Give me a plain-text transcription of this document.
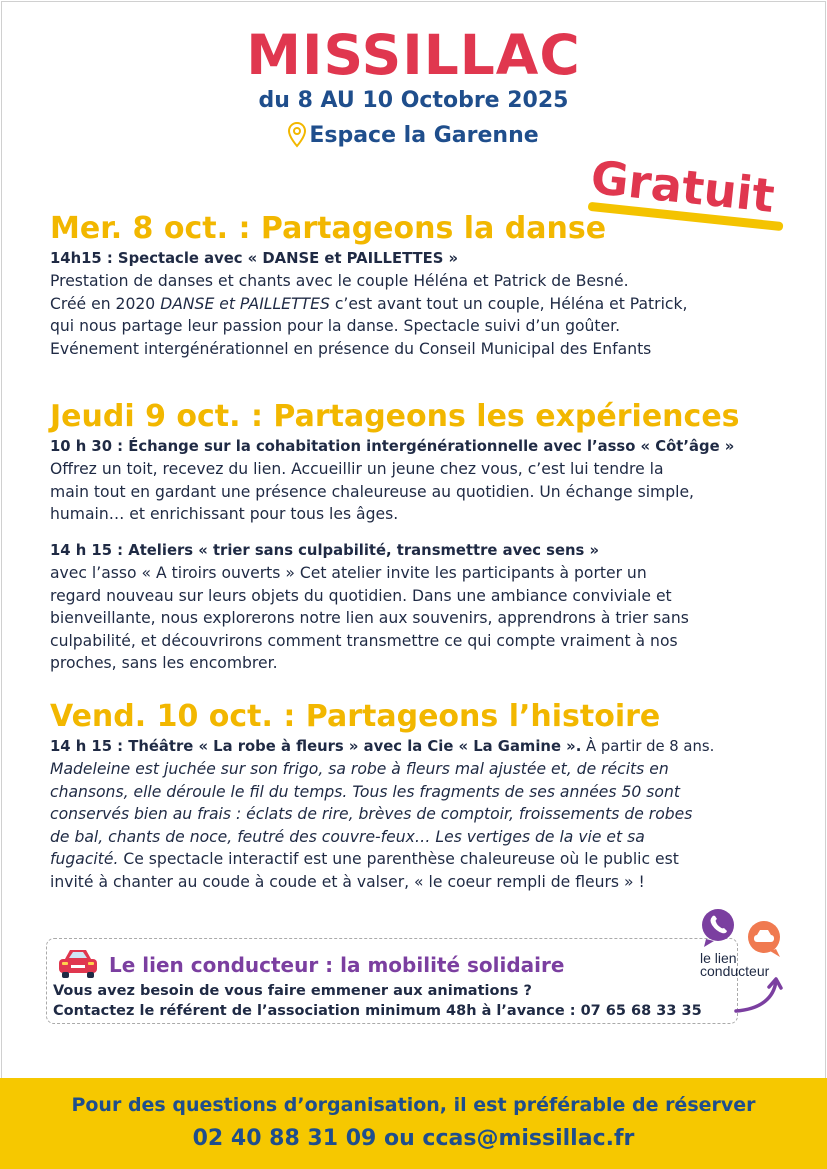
MISSILLAC
du 8 AU 10 Octobre 2025
Espace la Garenne
Gratuit
Mer. 8 oct. : Partageons la danse
14h15 : Spectacle avec « DANSE et PAILLETTES »
Prestation de danses et chants avec le couple Héléna et Patrick de Besné.
Créé en 2020 DANSE et PAILLETTES c’est avant tout un couple, Héléna et Patrick,
qui nous partage leur passion pour la danse. Spectacle suivi d’un goûter.
Evénement intergénérationnel en présence du Conseil Municipal des Enfants
Jeudi 9 oct. : Partageons les expériences
10 h 30 : Échange sur la cohabitation intergénérationnelle avec l’asso « Côt’âge »
Offrez un toit, recevez du lien. Accueillir un jeune chez vous, c’est lui tendre la
main tout en gardant une présence chaleureuse au quotidien. Un échange simple,
humain… et enrichissant pour tous les âges.
14 h 15 : Ateliers « trier sans culpabilité, transmettre avec sens »
avec l’asso « A tiroirs ouverts » Cet atelier invite les participants à porter un
regard nouveau sur leurs objets du quotidien. Dans une ambiance conviviale et
bienveillante, nous explorerons notre lien aux souvenirs, apprendrons à trier sans
culpabilité, et découvrirons comment transmettre ce qui compte vraiment à nos
proches, sans les encombrer.
Vend. 10 oct. : Partageons l’histoire
14 h 15 : Théâtre « La robe à fleurs » avec la Cie « La Gamine ». À partir de 8 ans.
Madeleine est juchée sur son frigo, sa robe à fleurs mal ajustée et, de récits en
chansons, elle déroule le fil du temps. Tous les fragments de ses années 50 sont
conservés bien au frais : éclats de rire, brèves de comptoir, froissements de robes
de bal, chants de noce, feutré des couvre-feux… Les vertiges de la vie et sa
fugacité. Ce spectacle interactif est une parenthèse chaleureuse où le public est
invité à chanter au coude à coude et à valser, « le coeur rempli de fleurs » !
Le lien conducteur : la mobilité solidaire
Vous avez besoin de vous faire emmener aux animations ?
Contactez le référent de l’association minimum 48h à l’avance : 07 65 68 33 35
le lien
conducteur
Pour des questions d’organisation, il est préférable de réserver
02 40 88 31 09 ou ccas@missillac.fr
